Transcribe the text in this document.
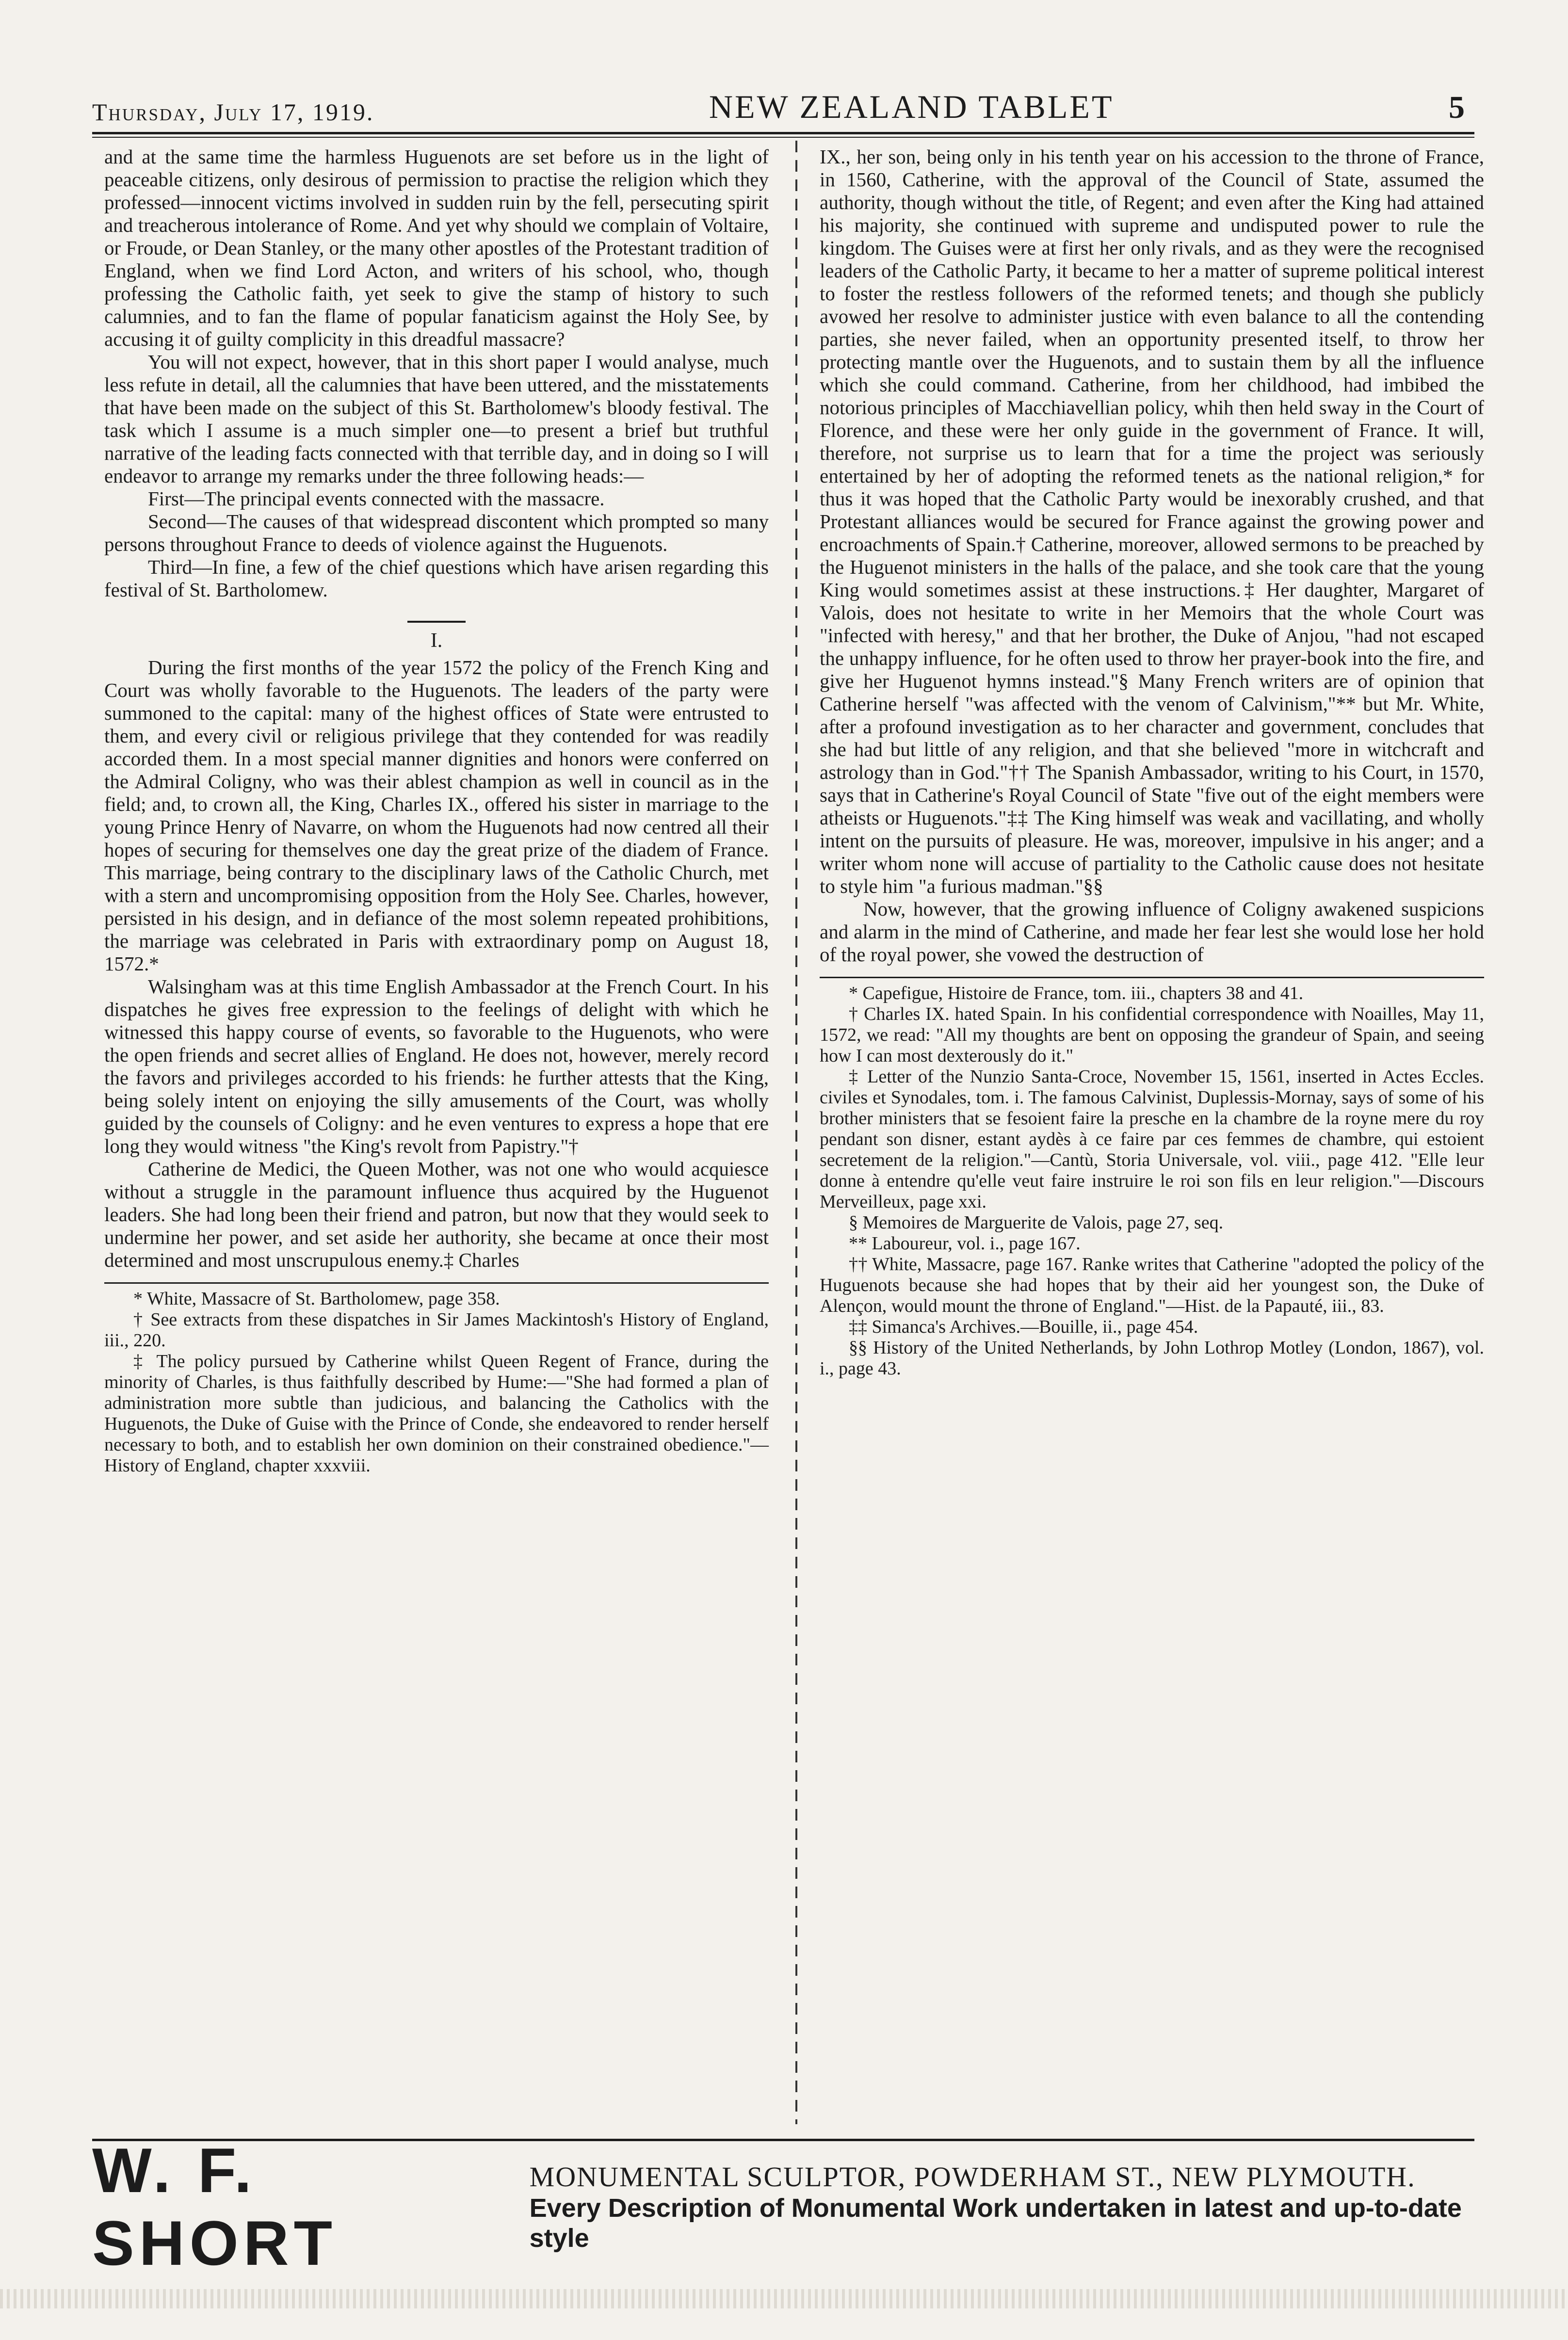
Thursday, July 17, 1919.	NEW ZEALAND TABLET	5

and at the same time the harmless Huguenots are set before us in the light of peaceable citizens, only desirous of permission to practise the religion which they professed—innocent victims involved in sudden ruin by the fell, persecuting spirit and treacherous intolerance of Rome. And yet why should we complain of Voltaire, or Froude, or Dean Stanley, or the many other apostles of the Protestant tradition of England, when we find Lord Acton, and writers of his school, who, though professing the Catholic faith, yet seek to give the stamp of history to such calumnies, and to fan the flame of popular fanaticism against the Holy See, by accusing it of guilty complicity in this dreadful massacre?

You will not expect, however, that in this short paper I would analyse, much less refute in detail, all the calumnies that have been uttered, and the misstatements that have been made on the subject of this St. Bartholomew's bloody festival. The task which I assume is a much simpler one—to present a brief but truthful narrative of the leading facts connected with that terrible day, and in doing so I will endeavor to arrange my remarks under the three following heads:—

First—The principal events connected with the massacre.

Second—The causes of that widespread discontent which prompted so many persons throughout France to deeds of violence against the Huguenots.

Third—In fine, a few of the chief questions which have arisen regarding this festival of St. Bartholomew.

I.

During the first months of the year 1572 the policy of the French King and Court was wholly favorable to the Huguenots. The leaders of the party were summoned to the capital: many of the highest offices of State were entrusted to them, and every civil or religious privilege that they contended for was readily accorded them. In a most special manner dignities and honors were conferred on the Admiral Coligny, who was their ablest champion as well in council as in the field; and, to crown all, the King, Charles IX., offered his sister in marriage to the young Prince Henry of Navarre, on whom the Huguenots had now centred all their hopes of securing for themselves one day the great prize of the diadem of France. This marriage, being contrary to the disciplinary laws of the Catholic Church, met with a stern and uncompromising opposition from the Holy See. Charles, however, persisted in his design, and in defiance of the most solemn repeated prohibitions, the marriage was celebrated in Paris with extraordinary pomp on August 18, 1572.*

Walsingham was at this time English Ambassador at the French Court. In his dispatches he gives free expression to the feelings of delight with which he witnessed this happy course of events, so favorable to the Huguenots, who were the open friends and secret allies of England. He does not, however, merely record the favors and privileges accorded to his friends: he further attests that the King, being solely intent on enjoying the silly amusements of the Court, was wholly guided by the counsels of Coligny: and he even ventures to express a hope that ere long they would witness "the King's revolt from Papistry."†

Catherine de Medici, the Queen Mother, was not one who would acquiesce without a struggle in the paramount influence thus acquired by the Huguenot leaders. She had long been their friend and patron, but now that they would seek to undermine her power, and set aside her authority, she became at once their most determined and most unscrupulous enemy.‡ Charles

* White, Massacre of St. Bartholomew, page 358.

† See extracts from these dispatches in Sir James Mackintosh's History of England, iii., 220.

‡ The policy pursued by Catherine whilst Queen Regent of France, during the minority of Charles, is thus faithfully described by Hume:—"She had formed a plan of administration more subtle than judicious, and balancing the Catholics with the Huguenots, the Duke of Guise with the Prince of Conde, she endeavored to render herself necessary to both, and to establish her own dominion on their constrained obedience."—History of England, chapter xxxviii.

IX., her son, being only in his tenth year on his accession to the throne of France, in 1560, Catherine, with the approval of the Council of State, assumed the authority, though without the title, of Regent; and even after the King had attained his majority, she continued with supreme and undisputed power to rule the kingdom. The Guises were at first her only rivals, and as they were the recognised leaders of the Catholic Party, it became to her a matter of supreme political interest to foster the restless followers of the reformed tenets; and though she publicly avowed her resolve to administer justice with even balance to all the contending parties, she never failed, when an opportunity presented itself, to throw her protecting mantle over the Huguenots, and to sustain them by all the influence which she could command. Catherine, from her childhood, had imbibed the notorious principles of Macchiavellian policy, whih then held sway in the Court of Florence, and these were her only guide in the government of France. It will, therefore, not surprise us to learn that for a time the project was seriously entertained by her of adopting the reformed tenets as the national religion,* for thus it was hoped that the Catholic Party would be inexorably crushed, and that Protestant alliances would be secured for France against the growing power and encroachments of Spain.† Catherine, moreover, allowed sermons to be preached by the Huguenot ministers in the halls of the palace, and she took care that the young King would sometimes assist at these instructions.‡ Her daughter, Margaret of Valois, does not hesitate to write in her Memoirs that the whole Court was "infected with heresy," and that her brother, the Duke of Anjou, "had not escaped the unhappy influence, for he often used to throw her prayer-book into the fire, and give her Huguenot hymns instead."§ Many French writers are of opinion that Catherine herself "was affected with the venom of Calvinism,"** but Mr. White, after a profound investigation as to her character and government, concludes that she had but little of any religion, and that she believed "more in witchcraft and astrology than in God."†† The Spanish Ambassador, writing to his Court, in 1570, says that in Catherine's Royal Council of State "five out of the eight members were atheists or Huguenots."‡‡ The King himself was weak and vacillating, and wholly intent on the pursuits of pleasure. He was, moreover, impulsive in his anger; and a writer whom none will accuse of partiality to the Catholic cause does not hesitate to style him "a furious madman."§§

Now, however, that the growing influence of Coligny awakened suspicions and alarm in the mind of Catherine, and made her fear lest she would lose her hold of the royal power, she vowed the destruction of

* Capefigue, Histoire de France, tom. iii., chapters 38 and 41.

† Charles IX. hated Spain. In his confidential correspondence with Noailles, May 11, 1572, we read: "All my thoughts are bent on opposing the grandeur of Spain, and seeing how I can most dexterously do it."

‡ Letter of the Nunzio Santa-Croce, November 15, 1561, inserted in Actes Eccles. civiles et Synodales, tom. i. The famous Calvinist, Duplessis-Mornay, says of some of his brother ministers that se fesoient faire la presche en la chambre de la royne mere du roy pendant son disner, estant aydès à ce faire par ces femmes de chambre, qui estoient secretement de la religion."—Cantù, Storia Universale, vol. viii., page 412. "Elle leur donne à entendre qu'elle veut faire instruire le roi son fils en leur religion."—Discours Merveilleux, page xxi.

§ Memoires de Marguerite de Valois, page 27, seq.

** Laboureur, vol. i., page 167.

†† White, Massacre, page 167. Ranke writes that Catherine "adopted the policy of the Huguenots because she had hopes that by their aid her youngest son, the Duke of Alençon, would mount the throne of England."—Hist. de la Papauté, iii., 83.

‡‡ Simanca's Archives.—Bouille, ii., page 454.

§§ History of the United Netherlands, by John Lothrop Motley (London, 1867), vol. i., page 43.

W. F. SHORT
MONUMENTAL SCULPTOR, POWDERHAM ST., NEW PLYMOUTH.
Every Description of Monumental Work undertaken in latest and up-to-date style
